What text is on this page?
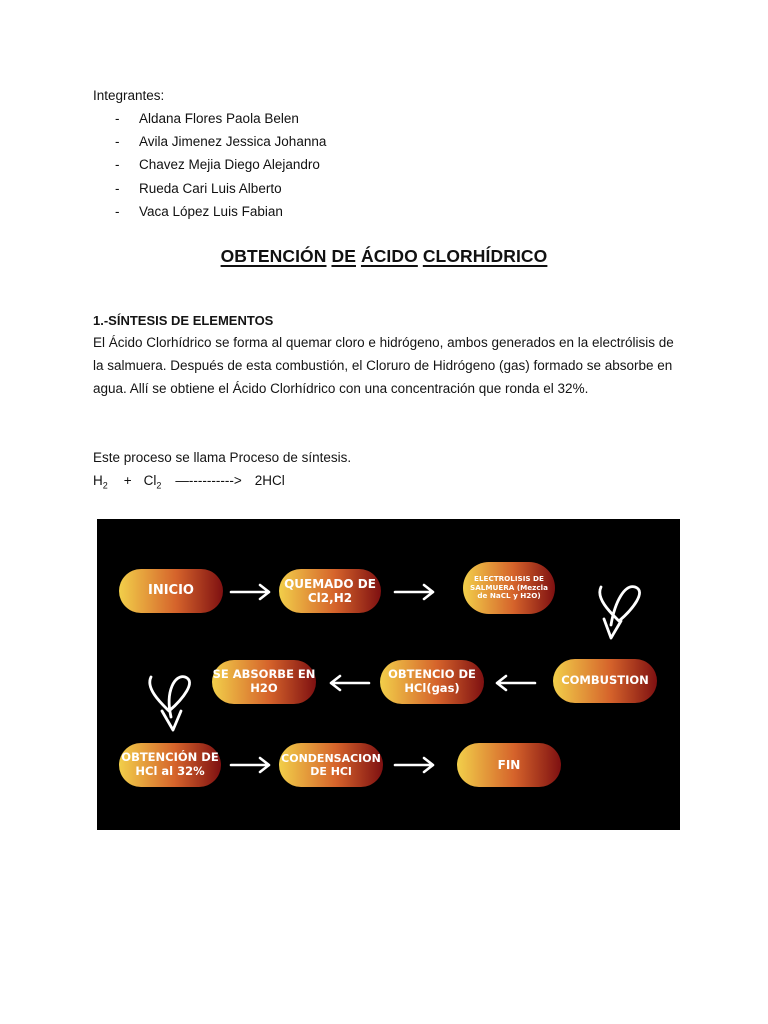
Integrantes:
- Aldana Flores Paola Belen
- Avila Jimenez Jessica Johanna
- Chavez Mejia Diego Alejandro
- Rueda Cari Luis Alberto
- Vaca López Luis Fabian
OBTENCIÓN DE ÁCIDO CLORHÍDRICO
1.-SÍNTESIS DE ELEMENTOS
El Ácido Clorhídrico se forma al quemar cloro e hidrógeno, ambos generados en la electrólisis de la salmuera. Después de esta combustión, el Cloruro de Hidrógeno (gas) formado se absorbe en agua. Allí se obtiene el Ácido Clorhídrico con una concentración que ronda el 32%.
Este proceso se llama Proceso de síntesis.
$H_2 + Cl_2$ —----------> 2HCl
INICIO	QUEMADO DE Cl2,H2
ELECTROLISIS DE SALMUERA (Mezcla de NaCL y H2O)
COMBUSTION
OBTENCIO DE HCl(gas)
SE ABSORBE EN H2O
OBTENCIÓN DE HCl al 32%
CONDENSACION DE HCl	FIN
